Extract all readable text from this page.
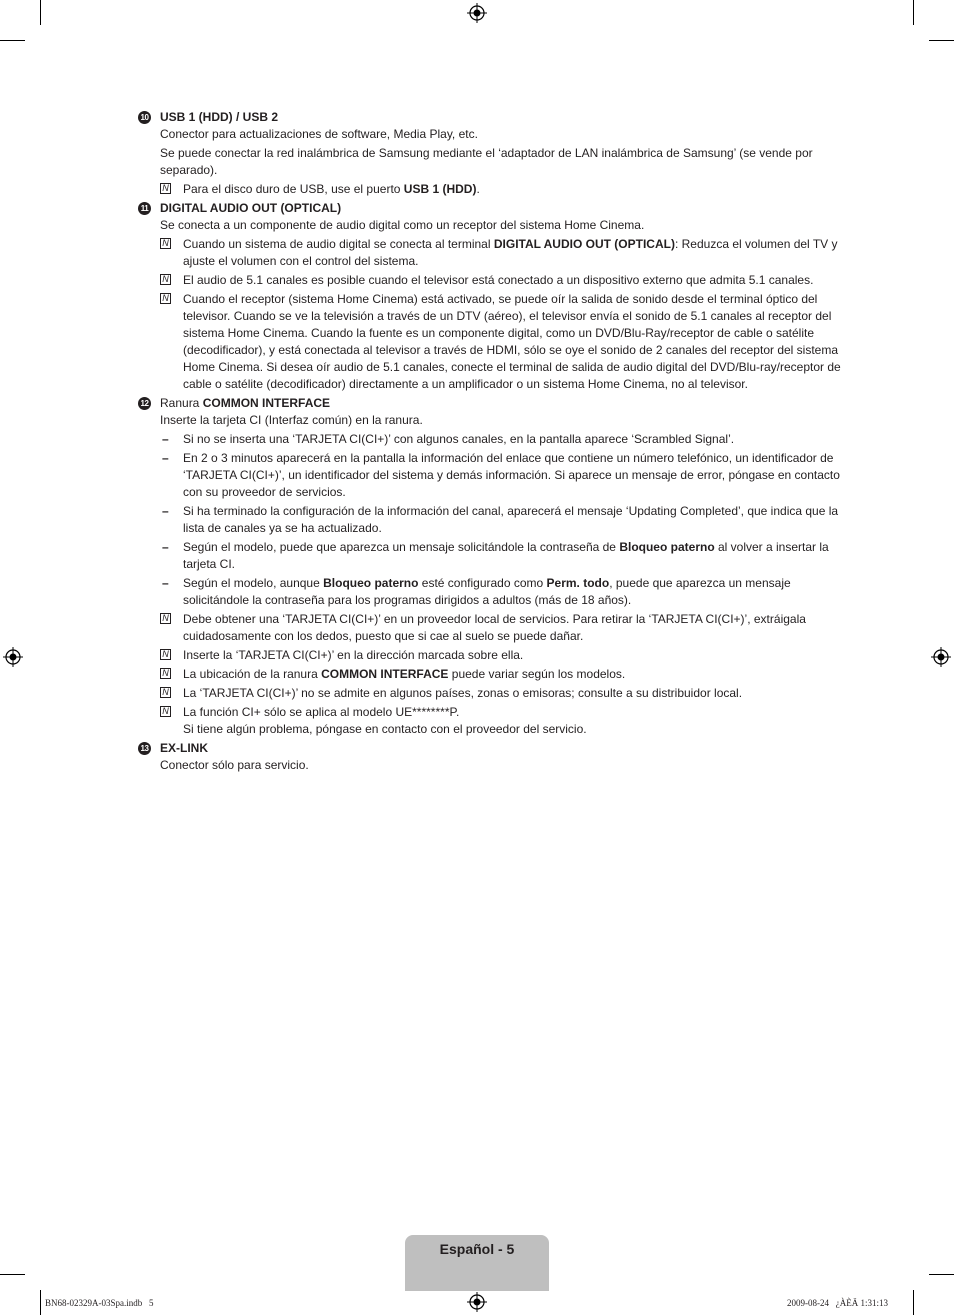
10 USB 1 (HDD) / USB 2
Conector para actualizaciones de software, Media Play, etc.
Se puede conectar la red inalámbrica de Samsung mediante el ‘adaptador de LAN inalámbrica de Samsung’ (se vende por separado).
N Para el disco duro de USB, use el puerto USB 1 (HDD).
11 DIGITAL AUDIO OUT (OPTICAL)
Se conecta a un componente de audio digital como un receptor del sistema Home Cinema.
N Cuando un sistema de audio digital se conecta al terminal DIGITAL AUDIO OUT (OPTICAL): Reduzca el volumen del TV y ajuste el volumen con el control del sistema.
N El audio de 5.1 canales es posible cuando el televisor está conectado a un dispositivo externo que admita 5.1 canales.
N Cuando el receptor (sistema Home Cinema) está activado, se puede oír la salida de sonido desde el terminal óptico del televisor. Cuando se ve la televisión a través de un DTV (aéreo), el televisor envía el sonido de 5.1 canales al receptor del sistema Home Cinema. Cuando la fuente es un componente digital, como un DVD/Blu-Ray/receptor de cable o satélite (decodificador), y está conectada al televisor a través de HDMI, sólo se oye el sonido de 2 canales del receptor del sistema Home Cinema. Si desea oír audio de 5.1 canales, conecte el terminal de salida de audio digital del DVD/Blu-ray/receptor de cable o satélite (decodificador) directamente a un amplificador o un sistema Home Cinema, no al televisor.
12 Ranura COMMON INTERFACE
Inserte la tarjeta CI (Interfaz común) en la ranura.
– Si no se inserta una ‘TARJETA CI(CI+)’ con algunos canales, en la pantalla aparece ‘Scrambled Signal’.
– En 2 o 3 minutos aparecerá en la pantalla la información del enlace que contiene un número telefónico, un identificador de ‘TARJETA CI(CI+)’, un identificador del sistema y demás información. Si aparece un mensaje de error, póngase en contacto con su proveedor de servicios.
– Si ha terminado la configuración de la información del canal, aparecerá el mensaje ‘Updating Completed’, que indica que la lista de canales ya se ha actualizado.
– Según el modelo, puede que aparezca un mensaje solicitándole la contraseña de Bloqueo paterno al volver a insertar la tarjeta CI.
– Según el modelo, aunque Bloqueo paterno esté configurado como Perm. todo, puede que aparezca un mensaje solicitándole la contraseña para los programas dirigidos a adultos (más de 18 años).
N Debe obtener una ‘TARJETA CI(CI+)’ en un proveedor local de servicios. Para retirar la ‘TARJETA CI(CI+)’, extráigala cuidadosamente con los dedos, puesto que si cae al suelo se puede dañar.
N Inserte la ‘TARJETA CI(CI+)’ en la dirección marcada sobre ella.
N La ubicación de la ranura COMMON INTERFACE puede variar según los modelos.
N La ‘TARJETA CI(CI+)’ no se admite en algunos países, zonas o emisoras; consulte a su distribuidor local.
N La función CI+ sólo se aplica al modelo UE********P.
Si tiene algún problema, póngase en contacto con el proveedor del servicio.
13 EX-LINK
Conector sólo para servicio.
Español - 5
BN68-02329A-03Spa.indb   5	2009-08-24   ¿ÀÈÄ 1:31:13
